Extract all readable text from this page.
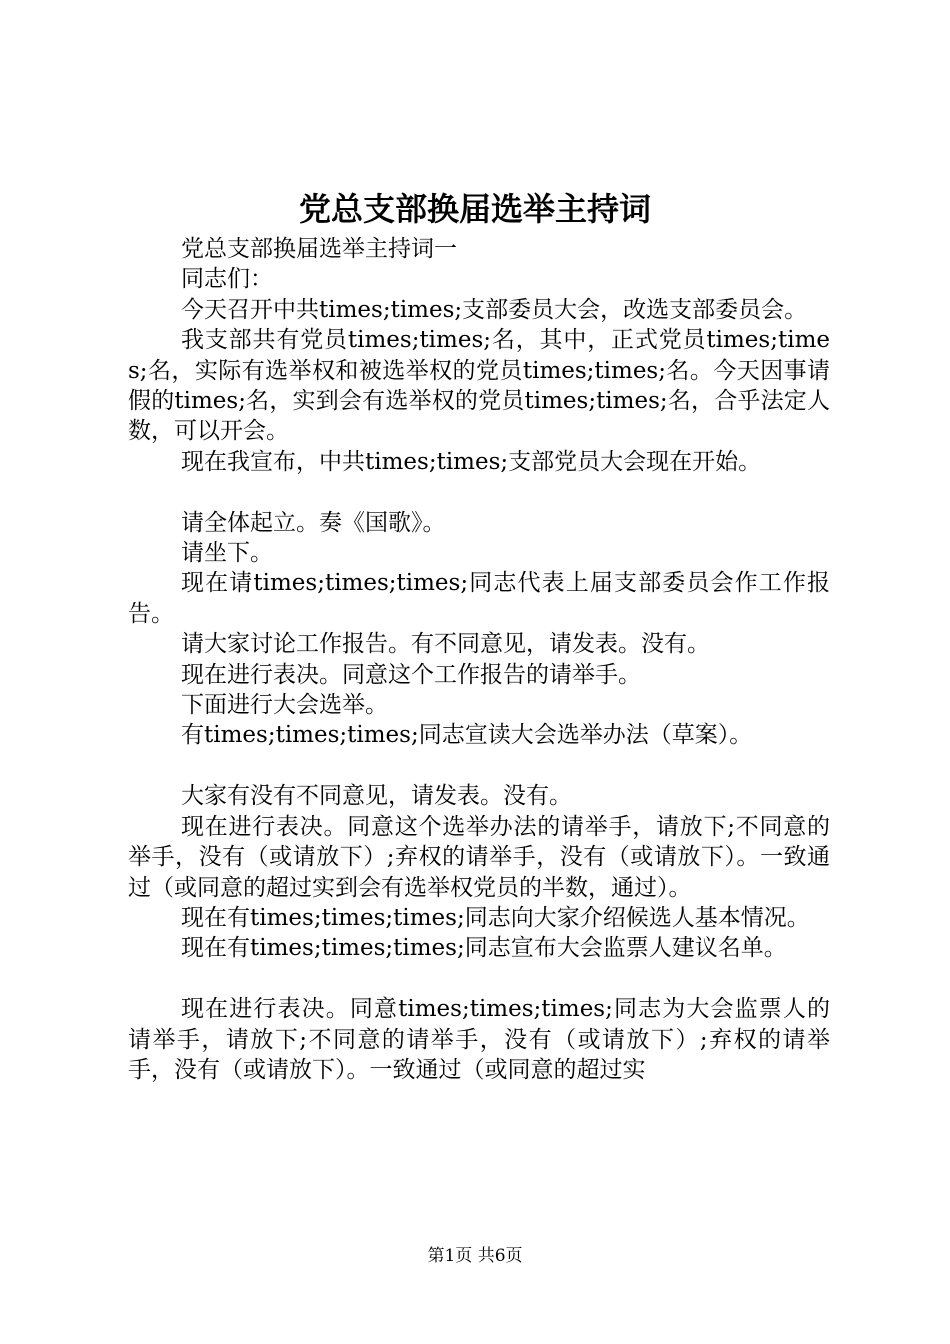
党总支部换届选举主持词

党总支部换届选举主持词一

同志们：

今天召开中共times;times;支部委员大会，改选支部委员会。

我支部共有党员times;times;名，其中，正式党员times;times;名，实际有选举权和被选举权的党员times;times;名。今天因事请假的times;名，实到会有选举权的党员times;times;名，合乎法定人数，可以开会。

现在我宣布，中共times;times;支部党员大会现在开始。

请全体起立。奏《国歌》。

请坐下。

现在请times;times;times;同志代表上届支部委员会作工作报告。

请大家讨论工作报告。有不同意见，请发表。没有。

现在进行表决。同意这个工作报告的请举手。

下面进行大会选举。

有times;times;times;同志宣读大会选举办法（草案）。

大家有没有不同意见，请发表。没有。

现在进行表决。同意这个选举办法的请举手，请放下;不同意的举手，没有（或请放下）;弃权的请举手，没有（或请放下）。一致通过（或同意的超过实到会有选举权党员的半数，通过）。

现在有times;times;times;同志向大家介绍候选人基本情况。

现在有times;times;times;同志宣布大会监票人建议名单。

现在进行表决。同意times;times;times;同志为大会监票人的请举手，请放下;不同意的请举手，没有（或请放下）;弃权的请举手，没有（或请放下）。一致通过（或同意的超过实

第1页 共6页
